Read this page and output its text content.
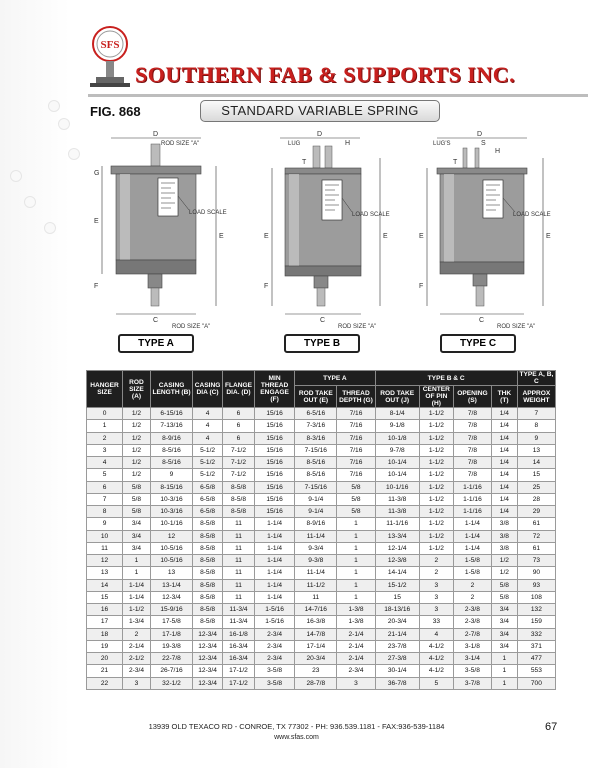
SFS
SOUTHERN FAB & SUPPORTS INC.
FIG. 868	STANDARD VARIABLE SPRING
D
ROD SIZE "A"
LOAD SCALE
C
ROD SIZE "A"
E
E
G
F
D
LUG	H
T
LOAD SCALE
C
ROD SIZE "A"
E	E
F
D
LUG'S	S
H
T
LOAD SCALE
C
ROD SIZE "A"
E	E
F
TYPE A	TYPE B	TYPE C
HANGER SIZE	ROD SIZE (A)	CASING LENGTH (B)	CASING DIA (C)	FLANGE DIA. (D)	MIN THREAD ENGAGE (F)	TYPE A		TYPE B & C				TYPE A, B, C
						ROD TAKE OUT (E)	THREAD DEPTH (G)	ROD TAKE OUT (J)	CENTER OF PIN (H)	OPENING (S)	THK (T)	APPROX WEIGHT
0	1/2	6-15/16	4	6	15/16	6-5/16	7/16	8-1/4	1-1/2	7/8	1/4	7
1	1/2	7-13/16	4	6	15/16	7-3/16	7/16	9-1/8	1-1/2	7/8	1/4	8
2	1/2	8-9/16	4	6	15/16	8-3/16	7/16	10-1/8	1-1/2	7/8	1/4	9
3	1/2	8-5/16	5-1/2	7-1/2	15/16	7-15/16	7/16	9-7/8	1-1/2	7/8	1/4	13
4	1/2	8-5/16	5-1/2	7-1/2	15/16	8-5/16	7/16	10-1/4	1-1/2	7/8	1/4	14
5	1/2	9	5-1/2	7-1/2	15/16	8-5/16	7/16	10-1/4	1-1/2	7/8	1/4	15
6	5/8	8-15/16	6-5/8	8-5/8	15/16	7-15/16	5/8	10-1/16	1-1/2	1-1/16	1/4	25
7	5/8	10-3/16	6-5/8	8-5/8	15/16	9-1/4	5/8	11-3/8	1-1/2	1-1/16	1/4	28
8	5/8	10-3/16	6-5/8	8-5/8	15/16	9-1/4	5/8	11-3/8	1-1/2	1-1/16	1/4	29
9	3/4	10-1/16	8-5/8	11	1-1/4	8-9/16	1	11-1/16	1-1/2	1-1/4	3/8	61
10	3/4	12	8-5/8	11	1-1/4	11-1/4	1	13-3/4	1-1/2	1-1/4	3/8	72
11	3/4	10-5/16	8-5/8	11	1-1/4	9-3/4	1	12-1/4	1-1/2	1-1/4	3/8	61
12	1	10-5/16	8-5/8	11	1-1/4	9-3/8	1	12-3/8	2	1-5/8	1/2	73
13	1	13	8-5/8	11	1-1/4	11-1/4	1	14-1/4	2	1-5/8	1/2	90
14	1-1/4	13-1/4	8-5/8	11	1-1/4	11-1/2	1	15-1/2	3	2	5/8	93
15	1-1/4	12-3/4	8-5/8	11	1-1/4	11	1	15	3	2	5/8	108
16	1-1/2	15-9/16	8-5/8	11-3/4	1-5/16	14-7/16	1-3/8	18-13/16	3	2-3/8	3/4	132
17	1-3/4	17-5/8	8-5/8	11-3/4	1-5/16	16-3/8	1-3/8	20-3/4	33	2-3/8	3/4	159
18	2	17-1/8	12-3/4	16-1/8	2-3/4	14-7/8	2-1/4	21-1/4	4	2-7/8	3/4	332
19	2-1/4	19-3/8	12-3/4	16-3/4	2-3/4	17-1/4	2-1/4	23-7/8	4-1/2	3-1/8	3/4	371
20	2-1/2	22-7/8	12-3/4	16-3/4	2-3/4	20-3/4	2-1/4	27-3/8	4-1/2	3-1/4	1	477
21	2-3/4	26-7/16	12-3/4	17-1/2	3-5/8	23	2-3/4	30-1/4	4-1/2	3-5/8	1	553
22	3	32-1/2	12-3/4	17-1/2	3-5/8	28-7/8	3	36-7/8	5	3-7/8	1	700
13939 OLD TEXACO RD - CONROE, TX 77302 - PH: 936.539.1181 - FAX:936-539-1184
www.sfas.com
67
